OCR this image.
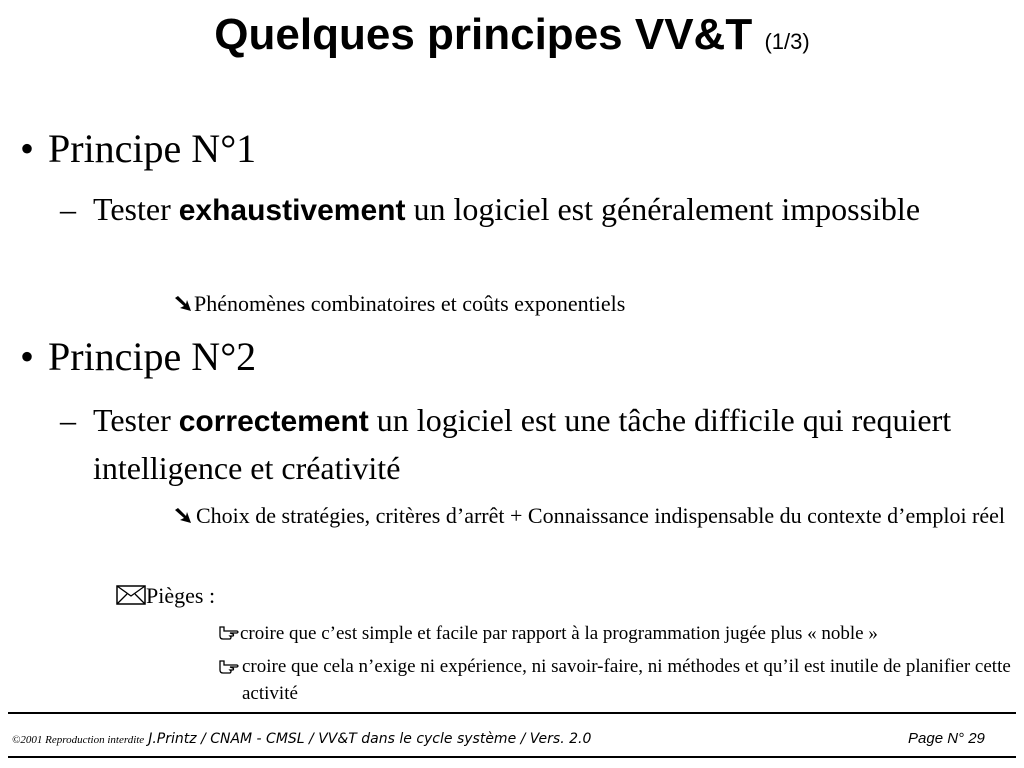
Quelques principes VV&T (1/3)
• Principe N°1
– Tester exhaustivement un logiciel est généralement impossible
Phénomènes combinatoires et coûts exponentiels
• Principe N°2
– Tester correctement un logiciel est une tâche difficile qui requiert intelligence et créativité
Choix de stratégies, critères d’arrêt + Connaissance indispensable du contexte d’emploi réel
Pièges :
croire que c’est simple et facile par rapport à la programmation jugée plus « noble »
croire que cela n’exige ni expérience, ni savoir-faire, ni méthodes et qu’il est inutile de planifier cette activité
©2001 Reproduction interdite J.Printz / CNAM - CMSL / VV&T dans le cycle système / Vers. 2.0	Page N° 29
